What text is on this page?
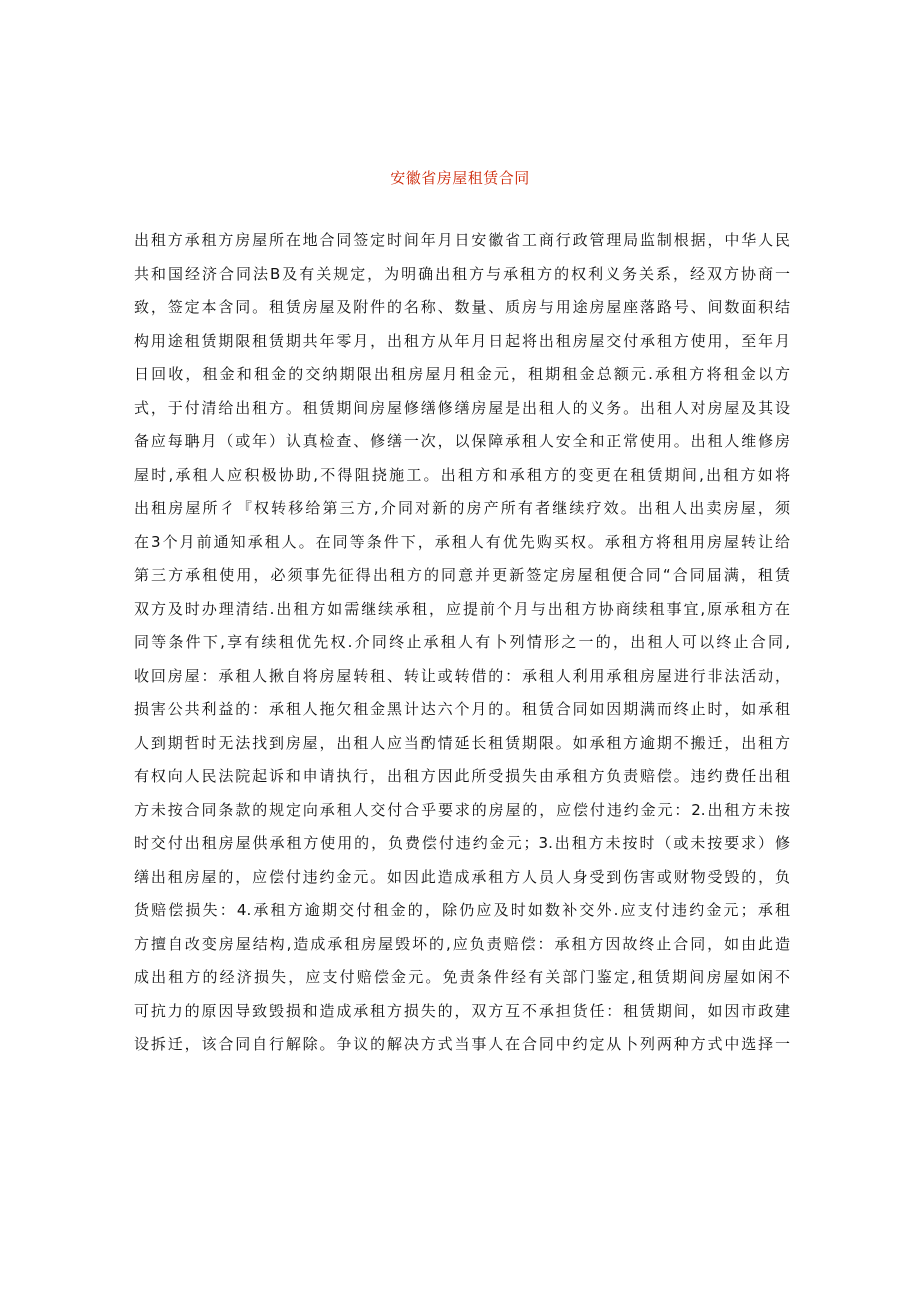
安徽省房屋租赁合同
出租方承租方房屋所在地合同签定时间年月日安徽省工商行政管理局监制根据，中华人民
共和国经济合同法B及有关规定，为明确出租方与承租方的权利义务关系，经双方协商一
致，签定本含同。租赁房屋及附件的名称、数量、质房与用途房屋座落路号、间数面积结
构用途租赁期限租赁期共年零月，出租方从年月日起将出租房屋交付承租方使用，至年月
日回收，租金和租金的交纳期限出租房屋月租金元，租期租金总额元.承租方将租金以方
式，于付清给出租方。租赁期间房屋修缮修缮房屋是出租人的义务。出租人对房屋及其设
备应每聃月（或年）认真检查、修缮一次，以保障承租人安全和正常使用。出租人维修房
屋时,承租人应积极协助,不得阻挠施工。出租方和承租方的变更在租赁期间,出租方如将
出租房屋所彳『权转移给第三方,介同对新的房产所有者继续疗效。出租人出卖房屋，须
在3个月前通知承租人。在同等条件下，承租人有优先购买权。承租方将租用房屋转让给
第三方承租使用，必须事先征得出租方的同意并更新签定房屋租便合同“合同届满，租赁
双方及时办理清结.出租方如需继续承租，应提前个月与出租方协商续租事宜,原承租方在
同等条件下,享有续租优先权.介同终止承租人有卜列情形之一的，出租人可以终止合同,
收回房屋：承租人揪自将房屋转租、转让或转借的：承租人利用承租房屋进行非法活动，
损害公共利益的：承租人拖欠租金黑计达六个月的。租赁合同如因期满而终止时，如承租
人到期哲时无法找到房屋，出租人应当酌情延长租赁期限。如承租方逾期不搬迁，出租方
有权向人民法院起诉和申请执行，出租方因此所受损失由承租方负责赔偿。违约费任出租
方未按合同条款的规定向承租人交付合乎要求的房屋的，应偿付违约金元：2.出租方未按
时交付出租房屋供承租方使用的，负费偿付违约金元；3.出租方未按时（或未按要求）修
缮出租房屋的，应偿付违约金元。如因此造成承租方人员人身受到伤害或财物受毁的，负
货赔偿损失：4.承租方逾期交付租金的，除仍应及时如数补交外.应支付违约金元；承租
方擅自改变房屋结构,造成承租房屋毁坏的,应负责赔偿：承租方因故终止合同，如由此造
成出租方的经济损失，应支付赔偿金元。免责条件经有关部门鉴定,租赁期间房屋如闲不
可抗力的原因导致毁损和造成承租方损失的，双方互不承担货任：租赁期间，如因市政建
设拆迁，该合同自行解除。争议的解决方式当事人在合同中约定从卜列两种方式中选择一
